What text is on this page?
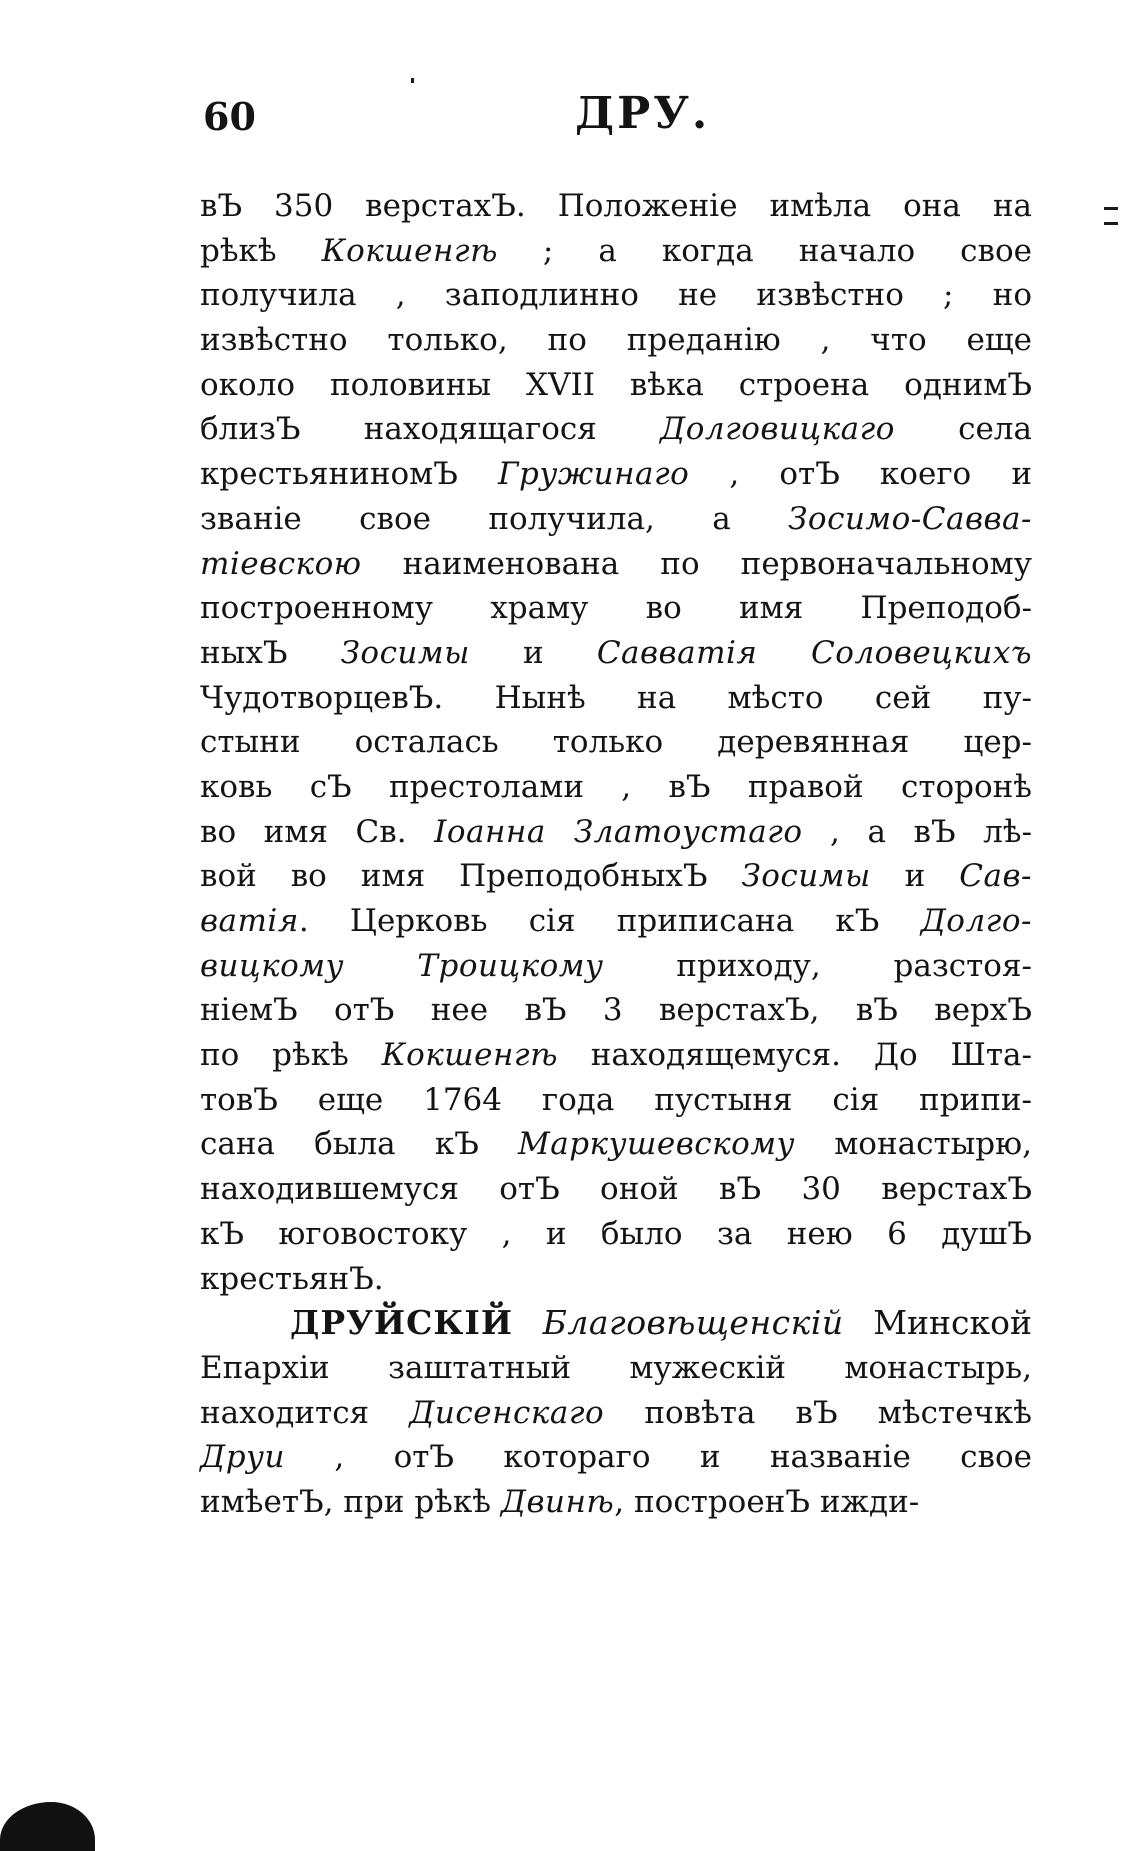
60	ДРУ.
вЪ 350 верстахЪ. Положеніе имѣла она на
рѣкѣ Кокшенгѣ ; а когда начало свое
получила , заподлинно не извѣстно ; но
извѣстно только, по преданію , что еще
около половины XVII вѣка строена однимЪ
близЪ находящагося Долговицкаго села
крестьяниномЪ Гружинаго , отЪ коего и
званіе свое получила, а Зосимо-Савва-
тіевскою наименована по первоначальному
построенному храму во имя Преподоб-
ныхЪ Зосимы и Савватія Соловецкихъ
ЧудотворцевЪ. Нынѣ на мѣсто сей пу-
стыни осталась только деревянная цер-
ковь сЪ престолами , вЪ правой сторонѣ
во имя Св. Іоанна Златоустаго , а вЪ лѣ-
вой во имя ПреподобныхЪ Зосимы и Сав-
ватія. Церковь сія приписана кЪ Долго-
вицкому Троицкому приходу, разстоя-
ніемЪ отЪ нее вЪ 3 верстахЪ, вЪ верхЪ
по рѣкѣ Кокшенгѣ находящемуся. До Шта-
товЪ еще 1764 года пустыня сія припи-
сана была кЪ Маркушевскому монастырю,
находившемуся отЪ оной вЪ 30 верстахЪ
кЪ юговостоку , и было за нею 6 душЪ
крестьянЪ.
ДРУЙСКІЙ Благовѣщенскій Минской
Епархіи заштатный мужескій монастырь,
находится Дисенскаго повѣта вЪ мѣстечкѣ
Друи , отЪ котораго и названіе свое
имѣетЪ, при рѣкѣ Двинѣ, построенЪ ижди-
